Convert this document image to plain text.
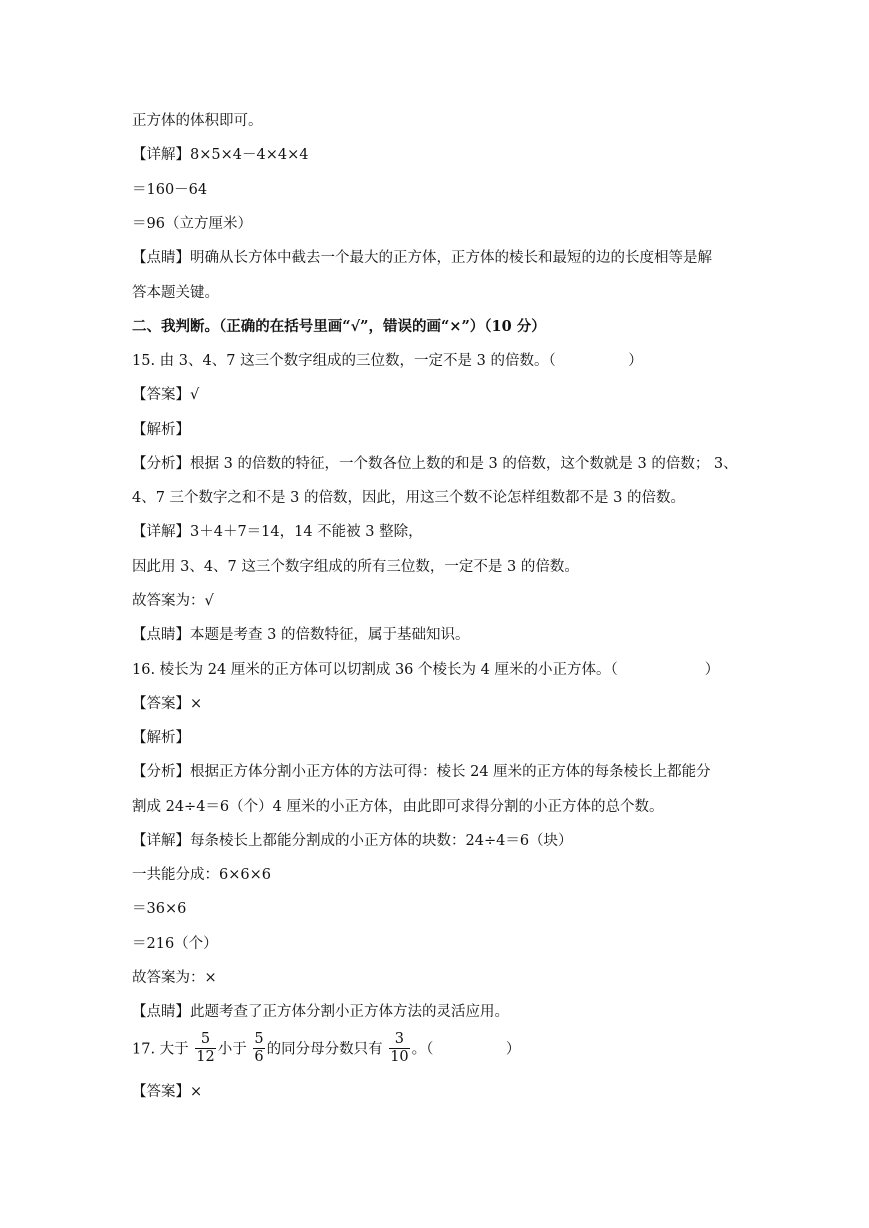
正方体的体积即可。
【详解】8×5×4－4×4×4
＝160－64
＝96（立方厘米）
【点睛】明确从长方体中截去一个最大的正方体，正方体的棱长和最短的边的长度相等是解
答本题关键。
二、我判断。（正确的在括号里画“√”，错误的画“×”）（10 分）
15. 由 3、4、7 这三个数字组成的三位数，一定不是 3 的倍数。（　　　　　）
【答案】√
【解析】
【分析】根据 3 的倍数的特征，一个数各位上数的和是 3 的倍数，这个数就是 3 的倍数； 3、
4、7 三个数字之和不是 3 的倍数，因此，用这三个数不论怎样组数都不是 3 的倍数。
【详解】3＋4＋7＝14，14 不能被 3 整除，
因此用 3、4、7 这三个数字组成的所有三位数，一定不是 3 的倍数。
故答案为：√
【点睛】本题是考查 3 的倍数特征，属于基础知识。
16. 棱长为 24 厘米的正方体可以切割成 36 个棱长为 4 厘米的小正方体。（　　　　　　）
【答案】×
【解析】
【分析】根据正方体分割小正方体的方法可得：棱长 24 厘米的正方体的每条棱长上都能分
割成 24÷4＝6（个）4 厘米的小正方体，由此即可求得分割的小正方体的总个数。
【详解】每条棱长上都能分割成的小正方体的块数：24÷4＝6（块）
一共能分成：6×6×6
＝36×6
＝216（个）
故答案为：×
【点睛】此题考查了正方体分割小正方体方法的灵活应用。
17. 大于 $\frac{5}{12}$ 小于 $\frac{5}{6}$ 的同分母分数只有 $\frac{3}{10}$ 。（　　　　　）
【答案】×
